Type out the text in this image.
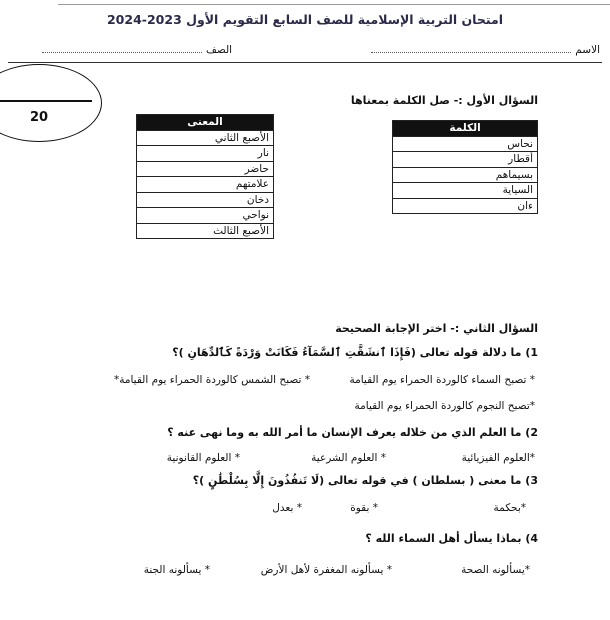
امتحان التربية الإسلامية للصف السابع التقويم الأول 2023-2024
الاسم
الصف
20
السؤال الأول :- صل الكلمة بمعناها
الكلمة
نحاس
أقطار
بسيماهم
السياية
ءان
المعنى
الأصبع الثاني
نار
حاضر
علامتهم
دخان
نواحي
الأصبع الثالث
السؤال الثاني :- اختر الإجابة الصحيحة
1) ما دلالة قوله تعالى (فَإِذَا ٱنشَقَّتِ ٱلسَّمَآءُ فَكَانَتْ وَرْدَةً كَٱلدِّهَانِ )؟
* تصبح السماء كالوردة الحمراء يوم القيامة
* تصبح الشمس كالوردة الحمراء يوم القيامة*
*تصبح النجوم كالوردة الحمراء يوم القيامة
2) ما العلم الذي من خلاله يعرف الإنسان ما أمر الله به وما نهى عنه ؟
*العلوم الفيزيائية
* العلوم الشرعية
* العلوم القانونية
3) ما معنى ( بسلطان ) في قوله تعالى (لَا تَنفُذُونَ إِلَّا بِسُلْطَٰنٍ )؟
*بحكمة
* بقوة
* بعدل
4) بماذا يسأل أهل السماء الله ؟
*يسألونه الصحة
* يسألونه المغفرة لأهل الأرض
* يسألونه الجنة
